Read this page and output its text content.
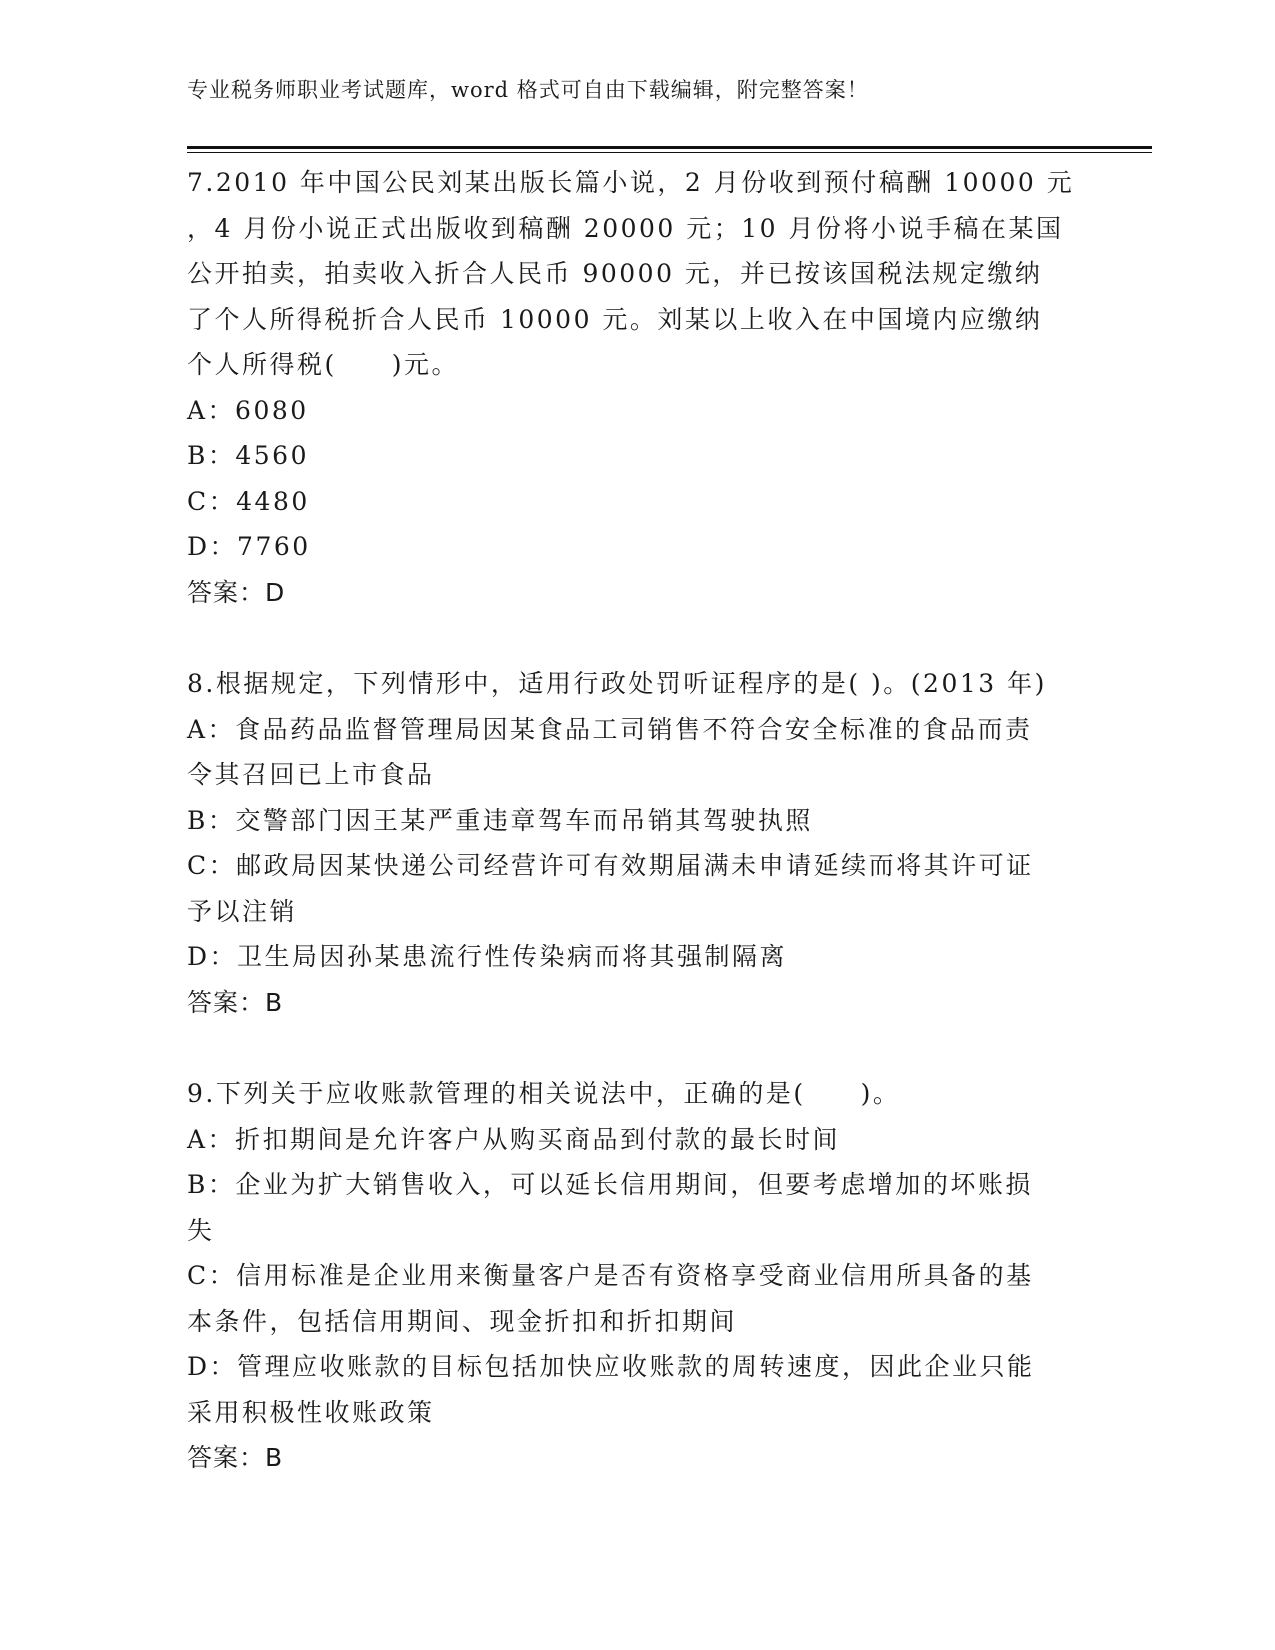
专业税务师职业考试题库，word 格式可自由下载编辑，附完整答案！
7.2010 年中国公民刘某出版长篇小说，2 月份收到预付稿酬 10000 元
，4 月份小说正式出版收到稿酬 20000 元；10 月份将小说手稿在某国
公开拍卖，拍卖收入折合人民币 90000 元，并已按该国税法规定缴纳
了个人所得税折合人民币 10000 元。刘某以上收入在中国境内应缴纳
个人所得税(　　)元。
A：6080
B：4560
C：4480
D：7760
答案：D
8.根据规定，下列情形中，适用行政处罚听证程序的是( )。(2013 年)
A：食品药品监督管理局因某食品工司销售不符合安全标准的食品而责
令其召回已上市食品
B：交警部门因王某严重违章驾车而吊销其驾驶执照
C：邮政局因某快递公司经营许可有效期届满未申请延续而将其许可证
予以注销
D：卫生局因孙某患流行性传染病而将其强制隔离
答案：B
9.下列关于应收账款管理的相关说法中，正确的是(　　)。
A：折扣期间是允许客户从购买商品到付款的最长时间
B：企业为扩大销售收入，可以延长信用期间，但要考虑增加的坏账损
失
C：信用标准是企业用来衡量客户是否有资格享受商业信用所具备的基
本条件，包括信用期间、现金折扣和折扣期间
D：管理应收账款的目标包括加快应收账款的周转速度，因此企业只能
采用积极性收账政策
答案：B
